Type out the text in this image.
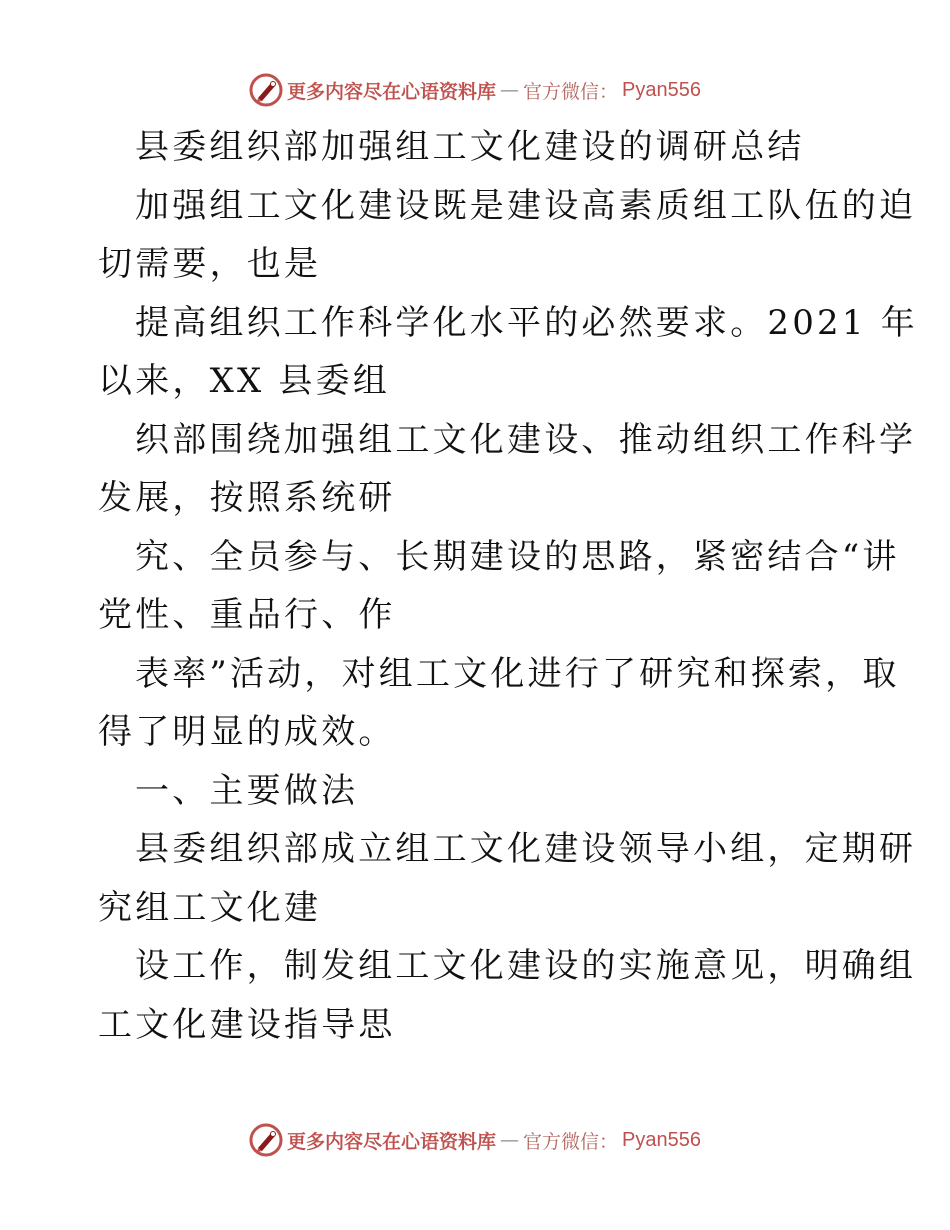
更多内容尽在心语资料库 — 官方微信： Pyan556
县委组织部加强组工文化建设的调研总结
加强组工文化建设既是建设高素质组工队伍的迫
切需要，也是
提高组织工作科学化水平的必然要求。2021 年
以来，XX 县委组
织部围绕加强组工文化建设、推动组织工作科学
发展，按照系统研
究、全员参与、长期建设的思路，紧密结合“讲
党性、重品行、作
表率”活动，对组工文化进行了研究和探索，取
得了明显的成效。
一、主要做法
县委组织部成立组工文化建设领导小组，定期研
究组工文化建
设工作，制发组工文化建设的实施意见，明确组
工文化建设指导思
更多内容尽在心语资料库 — 官方微信： Pyan556
